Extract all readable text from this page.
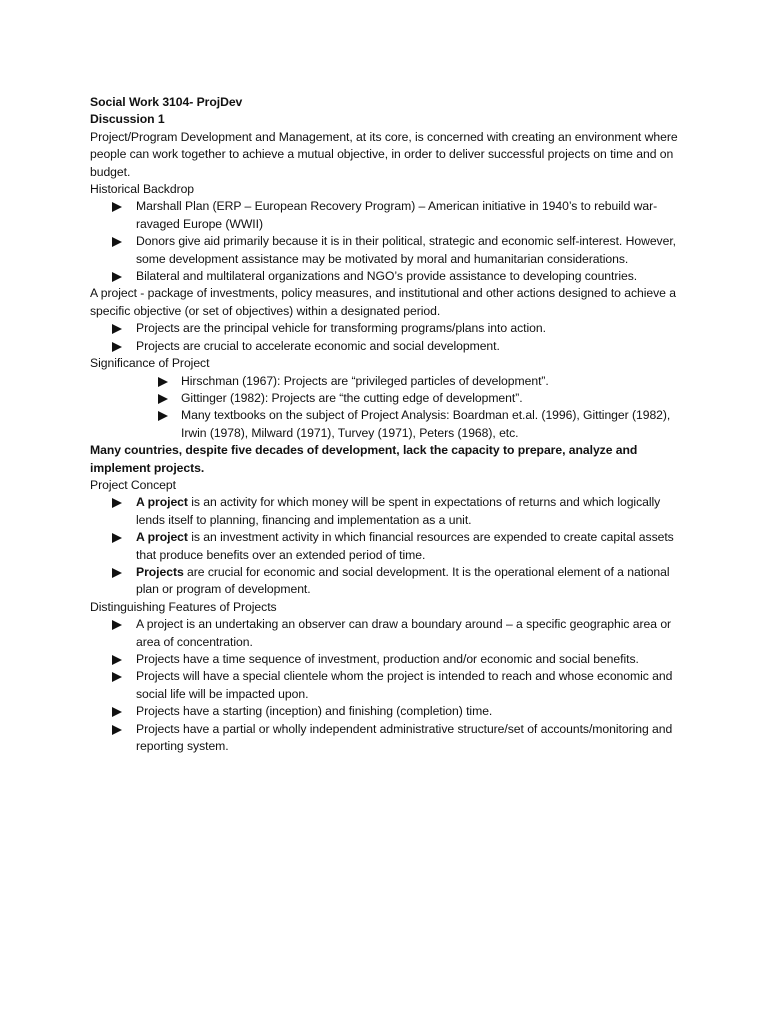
Social Work 3104- ProjDev

Discussion 1

Project/Program Development and Management, at its core, is concerned with creating an environment where people can work together to achieve a mutual objective, in order to deliver successful projects on time and on budget.

Historical Backdrop

Marshall Plan (ERP – European Recovery Program) – American initiative in 1940’s to rebuild war-ravaged Europe (WWII)
Donors give aid primarily because it is in their political, strategic and economic self-interest. However, some development assistance may be motivated by moral and humanitarian considerations.
Bilateral and multilateral organizations and NGO’s provide assistance to developing countries.

A project - package of investments, policy measures, and institutional and other actions designed to achieve a specific objective (or set of objectives) within a designated period.

Projects are the principal vehicle for transforming programs/plans into action.
Projects are crucial to accelerate economic and social development.

Significance of Project

Hirschman (1967): Projects are “privileged particles of development”.
Gittinger (1982): Projects are “the cutting edge of development”.
Many textbooks on the subject of Project Analysis: Boardman et.al. (1996), Gittinger (1982), Irwin (1978), Milward (1971), Turvey (1971), Peters (1968), etc.

Many countries, despite five decades of development, lack the capacity to prepare, analyze and implement projects.

Project Concept

A project is an activity for which money will be spent in expectations of returns and which logically lends itself to planning, financing and implementation as a unit.
A project is an investment activity in which financial resources are expended to create capital assets that produce benefits over an extended period of time.
Projects are crucial for economic and social development. It is the operational element of a national plan or program of development.

Distinguishing Features of Projects

A project is an undertaking an observer can draw a boundary around – a specific geographic area or area of concentration.
Projects have a time sequence of investment, production and/or economic and social benefits.
Projects will have a special clientele whom the project is intended to reach and whose economic and social life will be impacted upon.
Projects have a starting (inception) and finishing (completion) time.
Projects have a partial or wholly independent administrative structure/set of accounts/monitoring and reporting system.
